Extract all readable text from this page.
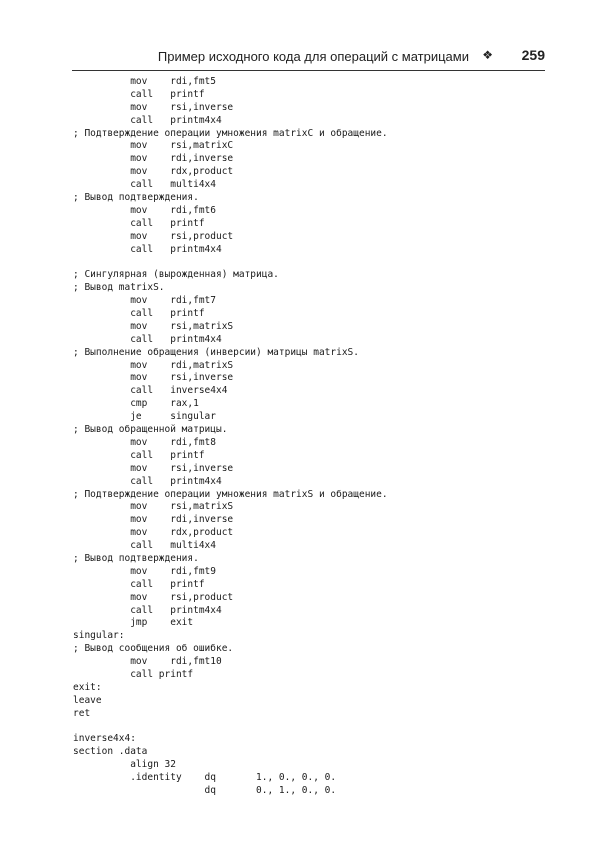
Пример исходного кода для операций с матрицами ❖ 259
mov    rdi,fmt5
call   printf
mov    rsi,inverse
call   printm4x4
; Подтверждение операции умножения matrixC и обращение.
mov    rsi,matrixC
mov    rdi,inverse
mov    rdx,product
call   multi4x4
; Вывод подтверждения.
mov    rdi,fmt6
call   printf
mov    rsi,product
call   printm4x4
; Сингулярная (вырожденная) матрица.
; Вывод matrixS.
mov    rdi,fmt7
call   printf
mov    rsi,matrixS
call   printm4x4
; Выполнение обращения (инверсии) матрицы matrixS.
mov    rdi,matrixS
mov    rsi,inverse
call   inverse4x4
cmp    rax,1
je     singular
; Вывод обращенной матрицы.
mov    rdi,fmt8
call   printf
mov    rsi,inverse
call   printm4x4
; Подтверждение операции умножения matrixS и обращение.
mov    rsi,matrixS
mov    rdi,inverse
mov    rdx,product
call   multi4x4
; Вывод подтверждения.
mov    rdi,fmt9
call   printf
mov    rsi,product
call   printm4x4
jmp    exit
singular:
; Вывод сообщения об ошибке.
mov    rdi,fmt10
call printf
exit:
leave
ret
inverse4x4:
section .data
align 32
.identity    dq       1., 0., 0., 0.
dq       0., 1., 0., 0.
